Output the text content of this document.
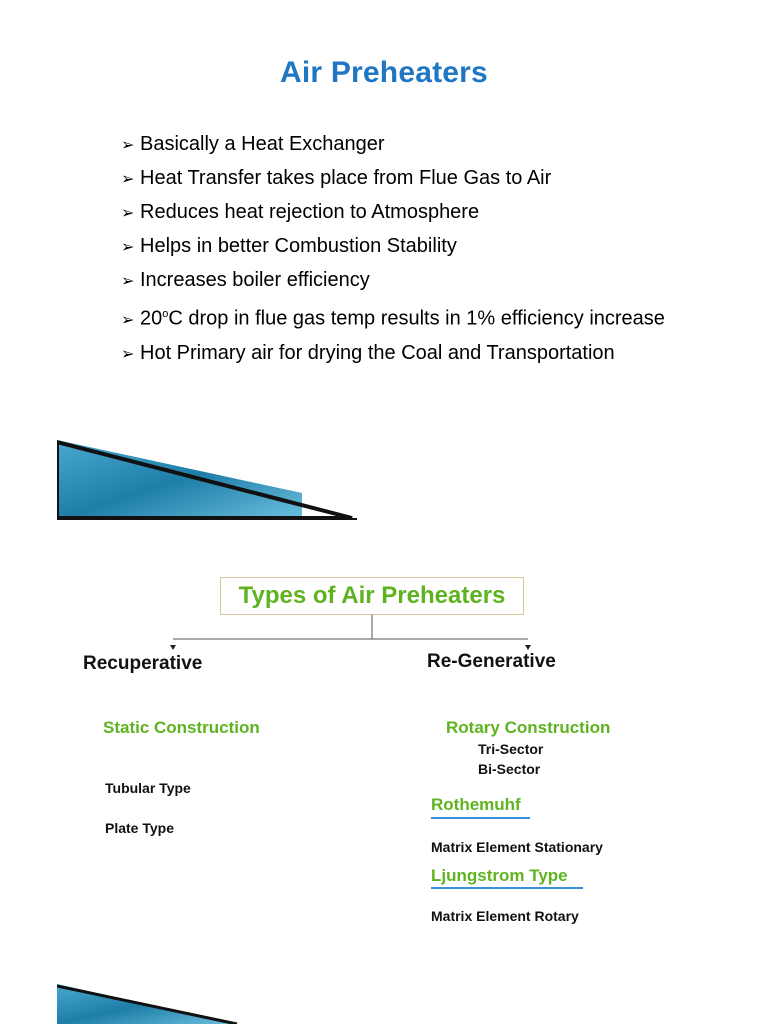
Air Preheaters
➢ Basically a Heat Exchanger
➢ Heat Transfer takes place from Flue Gas to Air
➢ Reduces heat rejection to Atmosphere
➢ Helps in better Combustion Stability
➢ Increases boiler efficiency
➢ 20$^o$C drop in flue gas temp results in 1% efficiency increase
➢ Hot Primary air for drying the Coal and Transportation
Types of Air Preheaters
Recuperative	Re-Generative
Static Construction
Tubular Type
Plate Type
Rotary Construction
Tri-Sector
Bi-Sector
Rothemuhf
Matrix Element Stationary
Ljungstrom Type
Matrix Element Rotary
